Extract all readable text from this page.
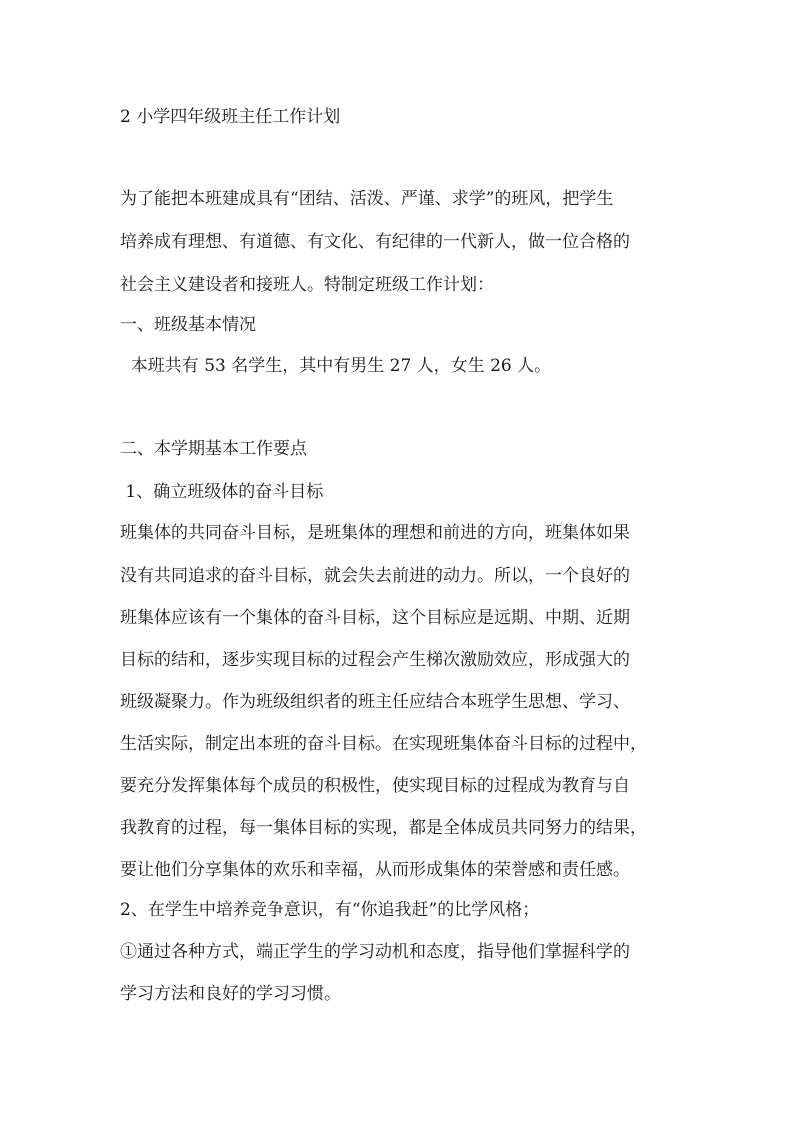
2 小学四年级班主任工作计划
为了能把本班建成具有“团结、活泼、严谨、求学”的班风，把学生
培养成有理想、有道德、有文化、有纪律的一代新人，做一位合格的
社会主义建设者和接班人。特制定班级工作计划：
一、班级基本情况
本班共有 53 名学生，其中有男生 27 人，女生 26 人。
二、本学期基本工作要点
1、确立班级体的奋斗目标
班集体的共同奋斗目标，是班集体的理想和前进的方向，班集体如果
没有共同追求的奋斗目标，就会失去前进的动力。所以，一个良好的
班集体应该有一个集体的奋斗目标，这个目标应是远期、中期、近期
目标的结和，逐步实现目标的过程会产生梯次激励效应，形成强大的
班级凝聚力。作为班级组织者的班主任应结合本班学生思想、学习、
生活实际，制定出本班的奋斗目标。在实现班集体奋斗目标的过程中，
要充分发挥集体每个成员的积极性，使实现目标的过程成为教育与自
我教育的过程，每一集体目标的实现，都是全体成员共同努力的结果，
要让他们分享集体的欢乐和幸福，从而形成集体的荣誉感和责任感。
2、在学生中培养竞争意识，有“你追我赶”的比学风格；
①通过各种方式，端正学生的学习动机和态度，指导他们掌握科学的
学习方法和良好的学习习惯。
